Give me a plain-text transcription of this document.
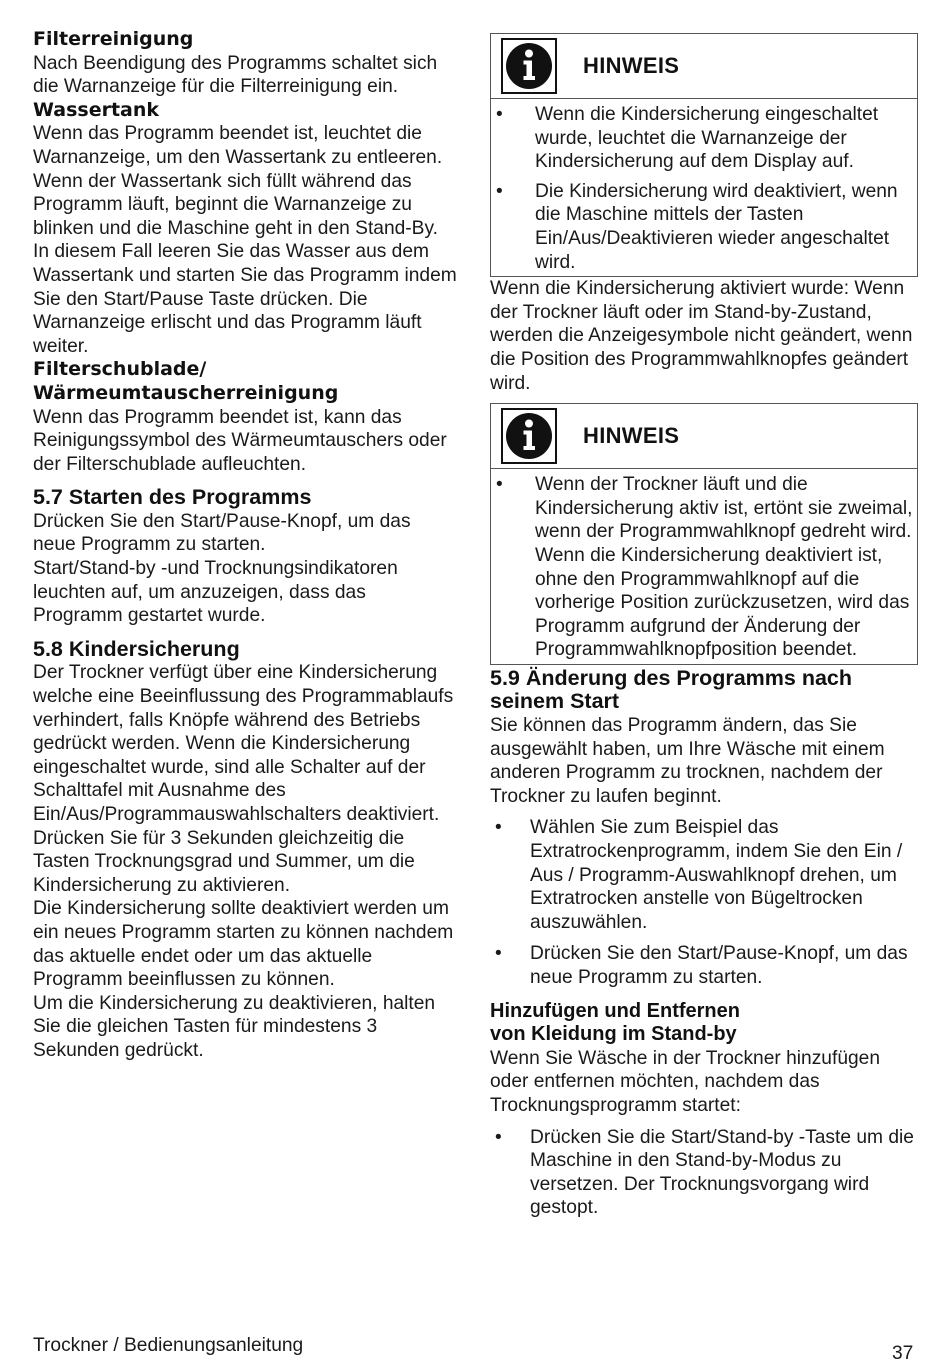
Filterreinigung

Nach Beendigung des Programms schaltet sich die Warnanzeige für die Filterreinigung ein.

Wassertank

Wenn das Programm beendet ist, leuchtet die Warnanzeige, um den Wassertank zu entleeren. Wenn der Wassertank sich füllt während das Programm läuft, beginnt die Warnanzeige zu blinken und die Maschine geht in den Stand-By. In diesem Fall leeren Sie das Wasser aus dem Wassertank und starten Sie das Programm indem Sie den Start/Pause Taste drücken. Die Warnanzeige erlischt und das Programm läuft weiter.

Filterschublade/
Wärmeumtauscherreinigung

Wenn das Programm beendet ist, kann das Reinigungssymbol des Wärmeumtauschers oder der Filterschublade aufleuchten.

5.7 Starten des Programms

Drücken Sie den Start/Pause-Knopf, um das neue Programm zu starten.

Start/Stand-by -und Trocknungsindikatoren leuchten auf, um anzuzeigen, dass das Programm gestartet wurde.

5.8 Kindersicherung

Der Trockner verfügt über eine Kindersicherung welche eine Beeinflussung des Programmablaufs verhindert, falls Knöpfe während des Betriebs gedrückt werden. Wenn die Kindersicherung eingeschaltet wurde, sind alle Schalter auf der Schalttafel mit Ausnahme des Ein/Aus/Programmauswahlschalters deaktiviert.

Drücken Sie für 3 Sekunden gleichzeitig die Tasten Trocknungsgrad und Summer, um die Kindersicherung zu aktivieren.

Die Kindersicherung sollte deaktiviert werden um ein neues Programm starten zu können nachdem das aktuelle endet oder um das aktuelle Programm beeinflussen zu können.

Um die Kindersicherung zu deaktivieren, halten Sie die gleichen Tasten für mindestens 3 Sekunden gedrückt.

HINWEIS
• Wenn die Kindersicherung eingeschaltet wurde, leuchtet die Warnanzeige der Kindersicherung auf dem Display auf.

• Die Kindersicherung wird deaktiviert, wenn die Maschine mittels der Tasten Ein/Aus/Deaktivieren wieder angeschaltet wird.

Wenn die Kindersicherung aktiviert wurde: Wenn der Trockner läuft oder im Stand-by-Zustand, werden die Anzeigesymbole nicht geändert, wenn die Position des Programmwahlknopfes geändert wird.

HINWEIS
• Wenn der Trockner läuft und die Kindersicherung aktiv ist, ertönt sie zweimal, wenn der Programmwahlknopf gedreht wird. Wenn die Kindersicherung deaktiviert ist, ohne den Programmwahlknopf auf die vorherige Position zurückzusetzen, wird das Programm aufgrund der Änderung der Programmwahlknopfposition beendet.

5.9 Änderung des Programms nach
seinem Start

Sie können das Programm ändern, das Sie ausgewählt haben, um Ihre Wäsche mit einem anderen Programm zu trocknen, nachdem der Trockner zu laufen beginnt.

• Wählen Sie zum Beispiel das Extratrockenprogramm, indem Sie den Ein / Aus / Programm-Auswahlknopf drehen, um Extratrocken anstelle von Bügeltrocken auszuwählen.

• Drücken Sie den Start/Pause-Knopf, um das neue Programm zu starten.

Hinzufügen und Entfernen
von Kleidung im Stand-by

Wenn Sie Wäsche in der Trockner hinzufügen oder entfernen möchten, nachdem das Trocknungsprogramm startet:

• Drücken Sie die Start/Stand-by -Taste um die Maschine in den Stand-by-Modus zu versetzen. Der Trocknungsvorgang wird gestopt.

Trockner / Bedienungsanleitung	37
